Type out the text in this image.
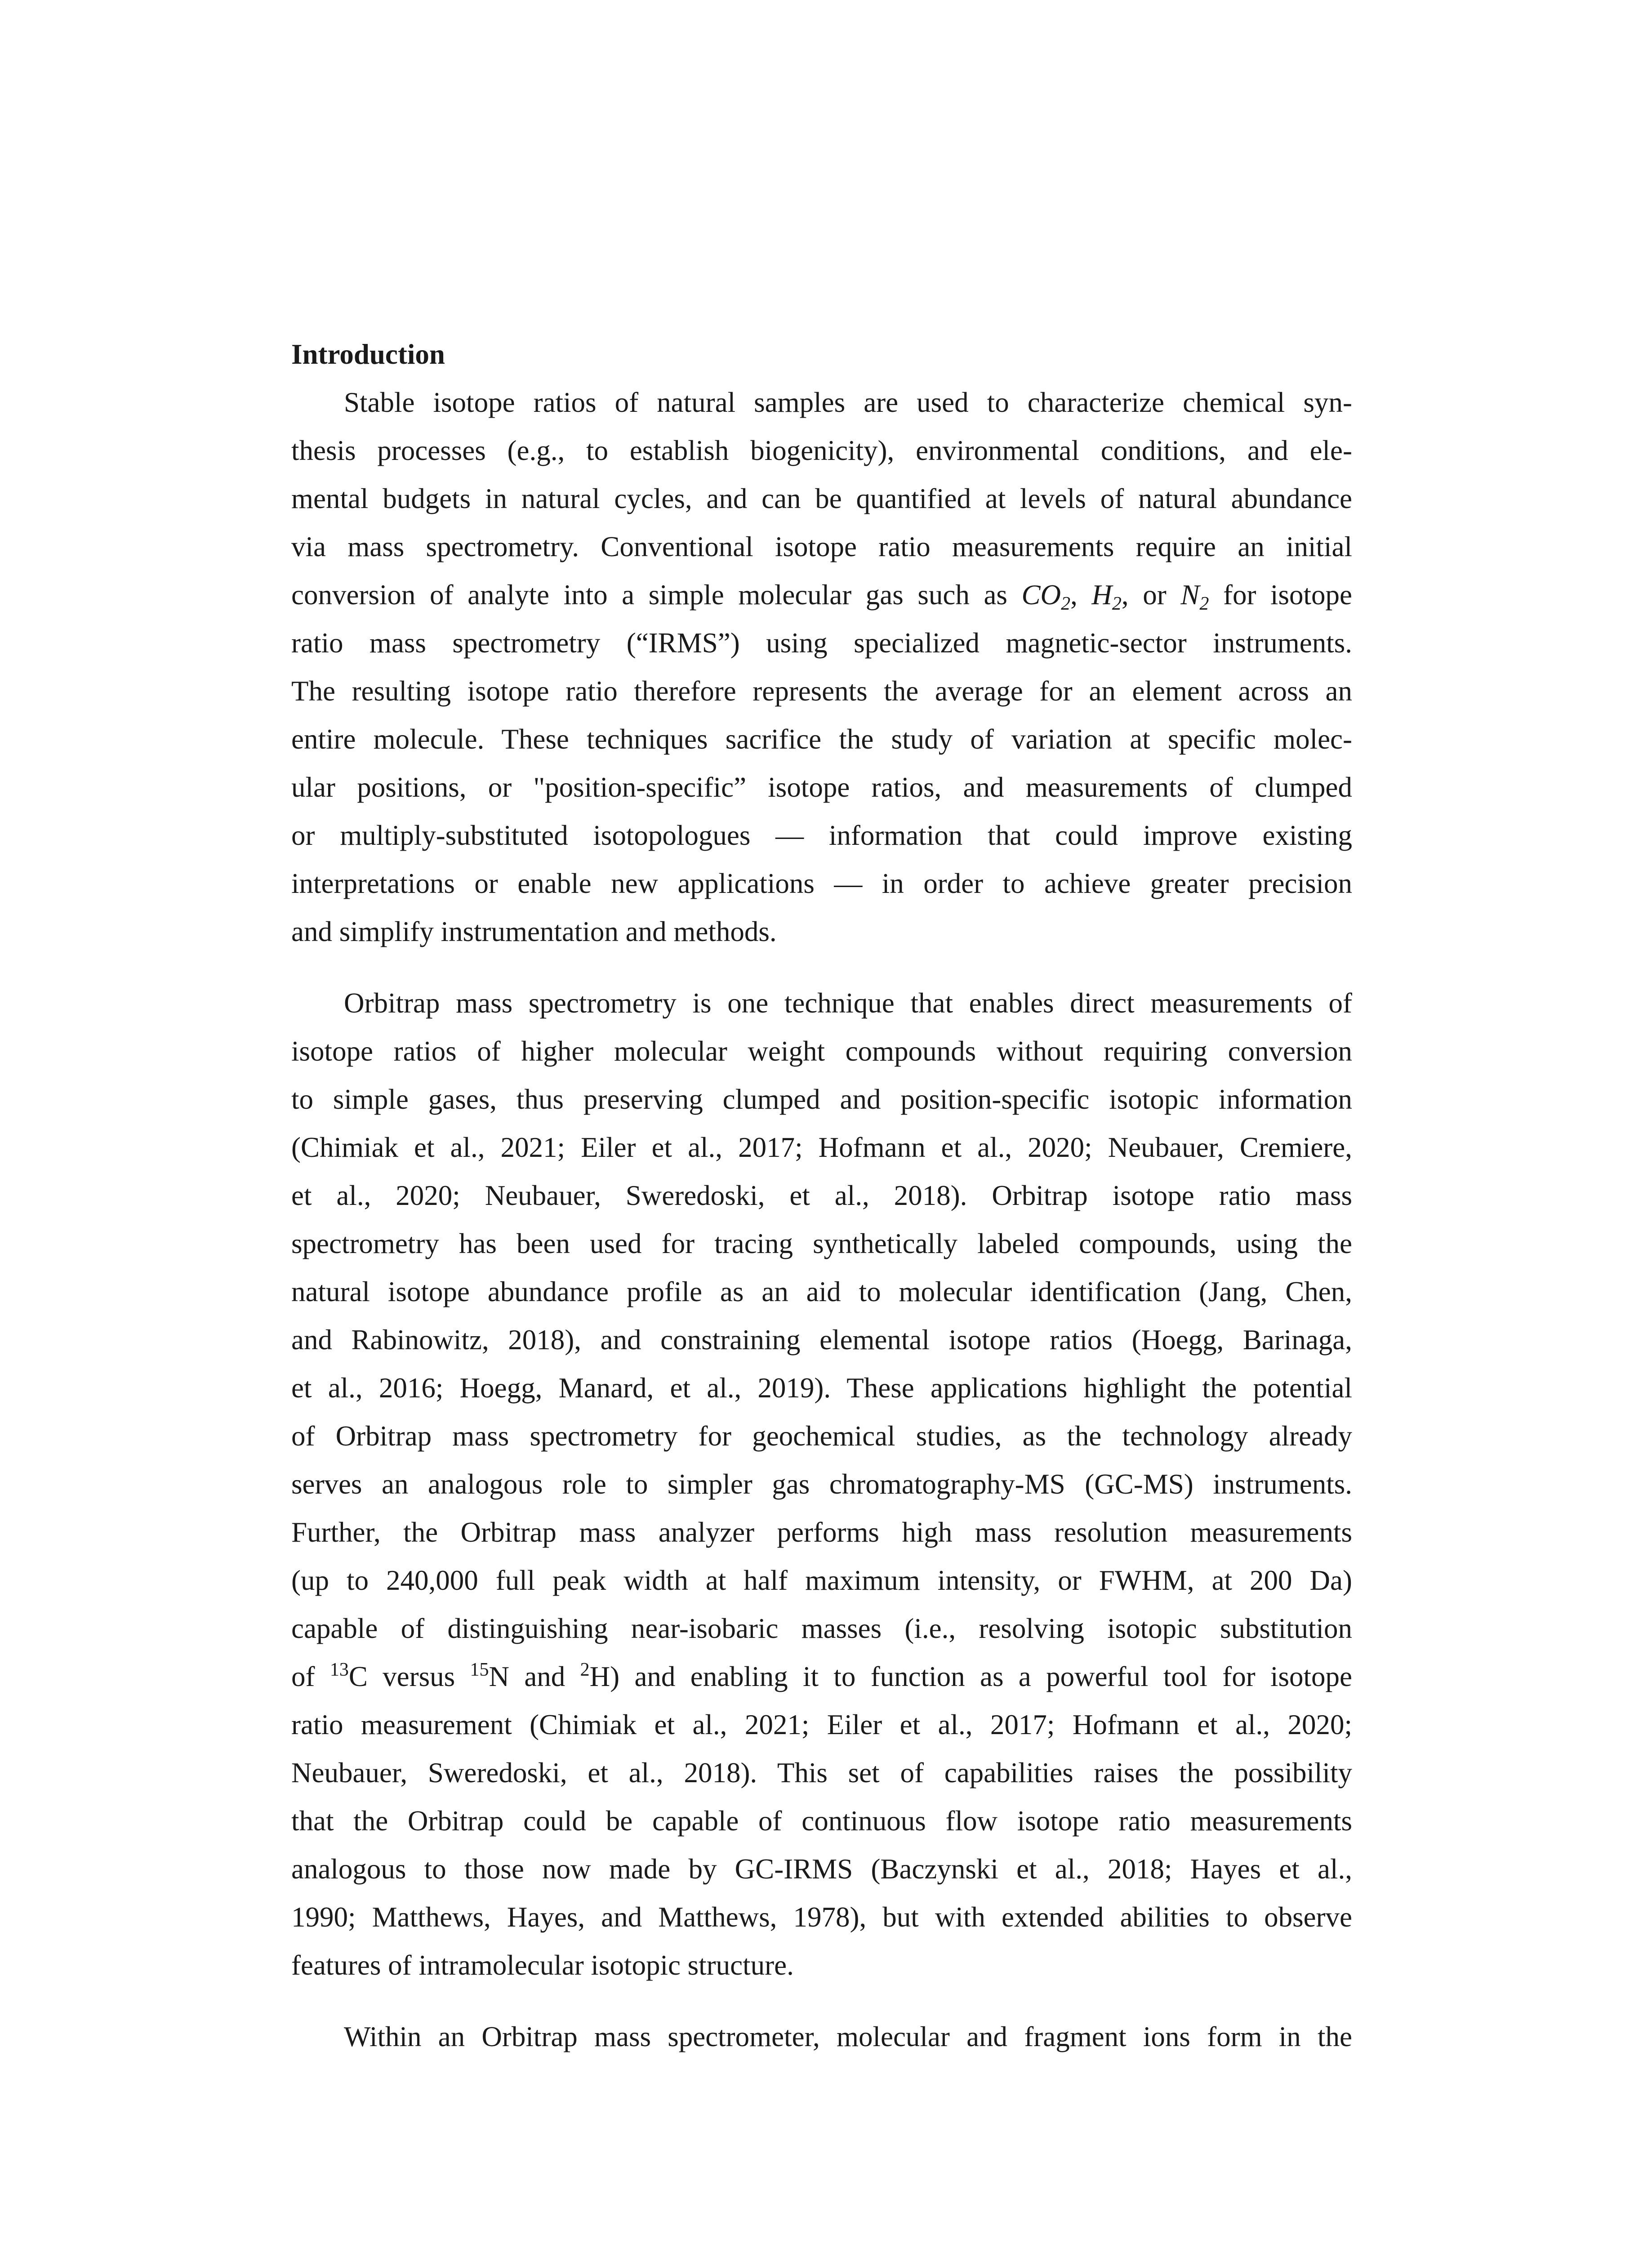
Introduction
Stable isotope ratios of natural samples are used to characterize chemical syn-
thesis processes (e.g., to establish biogenicity), environmental conditions, and ele-
mental budgets in natural cycles, and can be quantified at levels of natural abundance
via mass spectrometry. Conventional isotope ratio measurements require an initial
conversion of analyte into a simple molecular gas such as $CO_2$, $H_2$, or $N_2$ for isotope
ratio mass spectrometry (“IRMS”) using specialized magnetic-sector instruments.
The resulting isotope ratio therefore represents the average for an element across an
entire molecule. These techniques sacrifice the study of variation at specific molec-
ular positions, or "position-specific” isotope ratios, and measurements of clumped
or multiply-substituted isotopologues — information that could improve existing
interpretations or enable new applications — in order to achieve greater precision
and simplify instrumentation and methods.
Orbitrap mass spectrometry is one technique that enables direct measurements of
isotope ratios of higher molecular weight compounds without requiring conversion
to simple gases, thus preserving clumped and position-specific isotopic information
(Chimiak et al., 2021; Eiler et al., 2017; Hofmann et al., 2020; Neubauer, Cremiere,
et al., 2020; Neubauer, Sweredoski, et al., 2018). Orbitrap isotope ratio mass
spectrometry has been used for tracing synthetically labeled compounds, using the
natural isotope abundance profile as an aid to molecular identification (Jang, Chen,
and Rabinowitz, 2018), and constraining elemental isotope ratios (Hoegg, Barinaga,
et al., 2016; Hoegg, Manard, et al., 2019). These applications highlight the potential
of Orbitrap mass spectrometry for geochemical studies, as the technology already
serves an analogous role to simpler gas chromatography-MS (GC-MS) instruments.
Further, the Orbitrap mass analyzer performs high mass resolution measurements
(up to 240,000 full peak width at half maximum intensity, or FWHM, at 200 Da)
capable of distinguishing near-isobaric masses (i.e., resolving isotopic substitution
of $^{13}$C versus $^{15}$N and $^2$H) and enabling it to function as a powerful tool for isotope
ratio measurement (Chimiak et al., 2021; Eiler et al., 2017; Hofmann et al., 2020;
Neubauer, Sweredoski, et al., 2018). This set of capabilities raises the possibility
that the Orbitrap could be capable of continuous flow isotope ratio measurements
analogous to those now made by GC-IRMS (Baczynski et al., 2018; Hayes et al.,
1990; Matthews, Hayes, and Matthews, 1978), but with extended abilities to observe
features of intramolecular isotopic structure.
Within an Orbitrap mass spectrometer, molecular and fragment ions form in the
